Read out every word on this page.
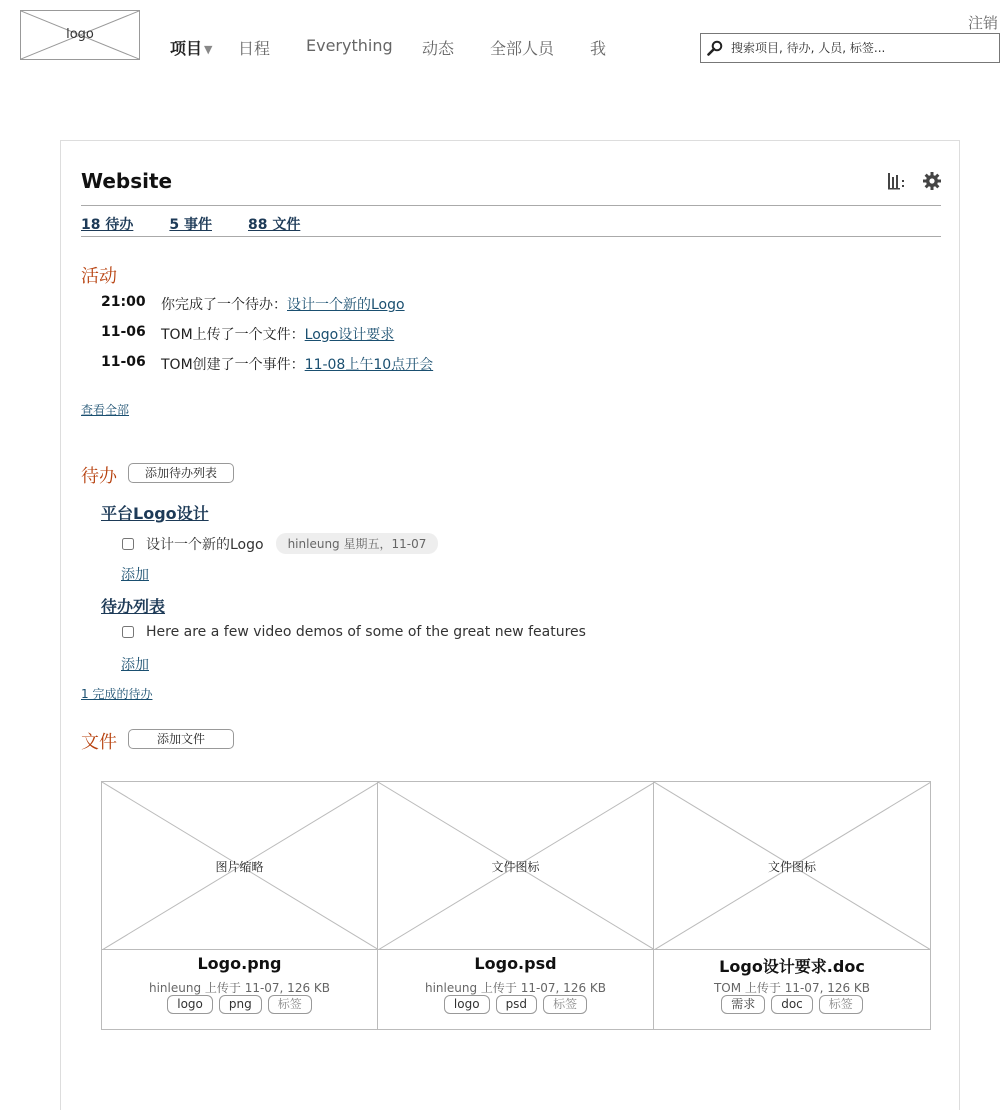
logo
项目 ▼	日程	Everything	动态	全部人员	我
注销
搜索项目, 待办, 人员, 标签...
Website
18 待办	5 事件	88 文件
活动
21:00	你完成了一个待办： 设计一个新的Logo
11-06	TOM上传了一个文件： Logo设计要求
11-06	TOM创建了一个事件： 11-08上午10点开会
查看全部
待办	添加待办列表
平台Logo设计
设计一个新的Logo	hinleung 星期五，11-07
添加
待办列表
Here are a few video demos of some of the great new features
添加
1 完成的待办
文件	添加文件
图片缩略
Logo.png
hinleung 上传于 11-07, 126 KB
logo	png	标签
文件图标
Logo.psd
hinleung 上传于 11-07, 126 KB
logo	psd	标签
文件图标
Logo设计要求.doc
TOM 上传于 11-07, 126 KB
需求	doc	标签
